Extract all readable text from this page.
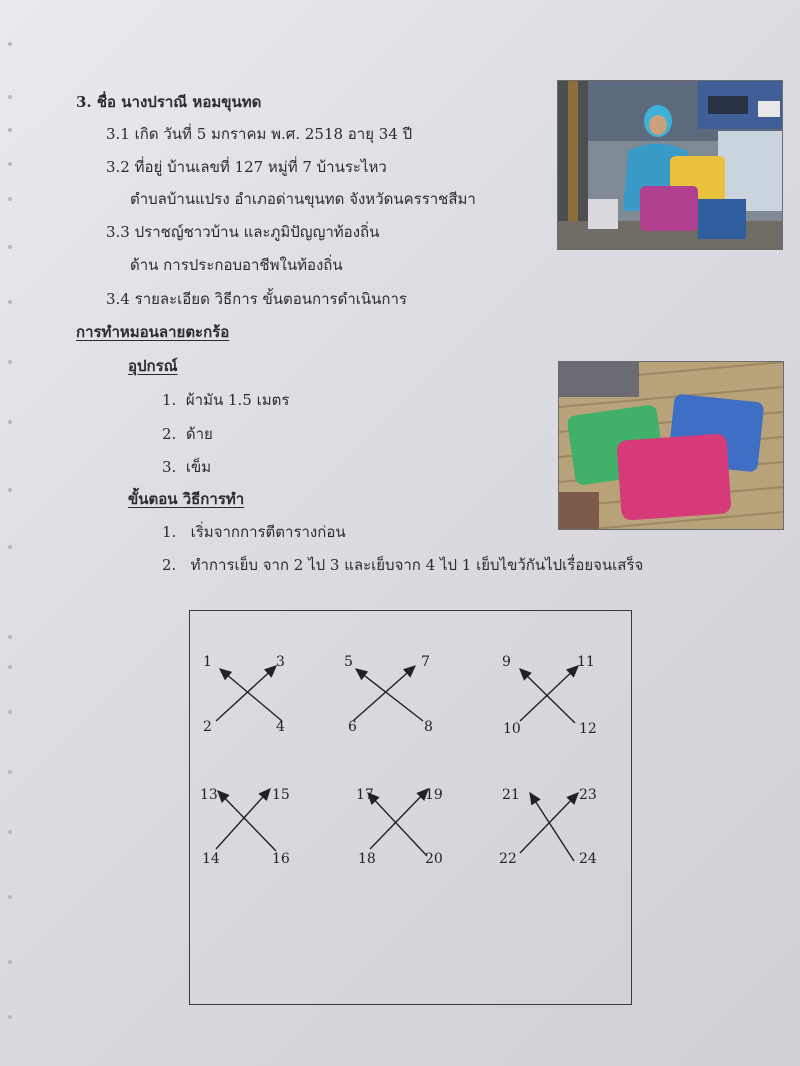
3. ชื่อ นางปราณี หอมขุนทด
3.1 เกิด วันที่ 5 มกราคม พ.ศ. 2518 อายุ 34 ปี
3.2 ที่อยู่ บ้านเลขที่ 127 หมู่ที่ 7 บ้านระไหว
ตำบลบ้านแปรง อำเภอด่านขุนทด จังหวัดนครราชสีมา
3.3 ปราชญ์ชาวบ้าน และภูมิปัญญาท้องถิ่น
ด้าน การประกอบอาชีพในท้องถิ่น
3.4 รายละเอียด วิธีการ ขั้นตอนการดำเนินการ
การทำหมอนลายตะกร้อ
อุปกรณ์
1. ผ้ามัน 1.5 เมตร
2. ด้าย
3. เข็ม
ขั้นตอน วิธีการทำ
1. เริ่มจากการตีตารางก่อน
2. ทำการเย็บ จาก 2 ไป 3 และเย็บจาก 4 ไป 1 เย็บไขว้กันไปเรื่อยจนเสร็จ
1	3
2	4
5	7
6	8
9	11
10	12
13	15
14	16
17	19
18	20
21	23
22	24
